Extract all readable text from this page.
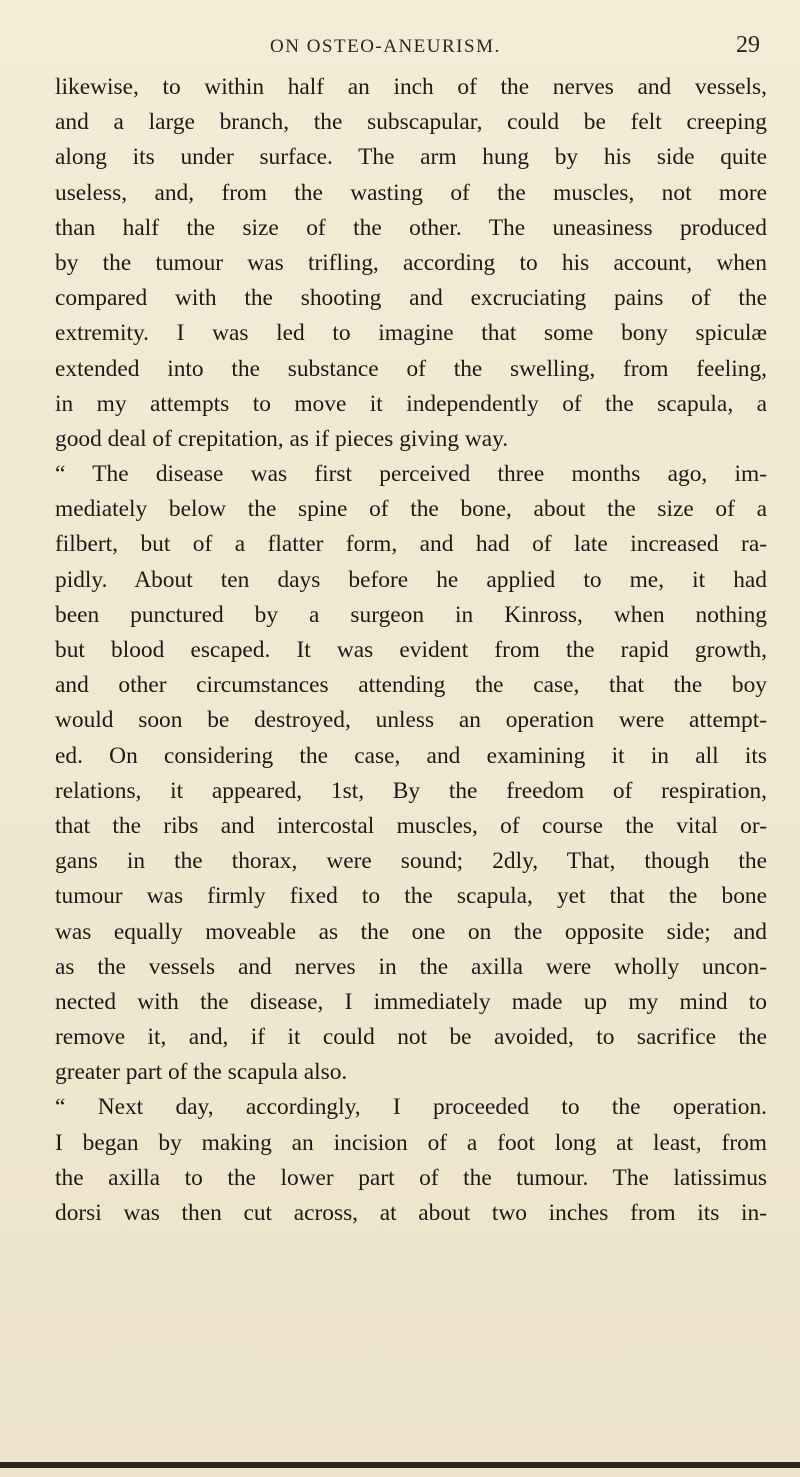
ON OSTEO-ANEURISM.	29
likewise, to within half an inch of the nerves and vessels,
and a large branch, the subscapular, could be felt creeping
along its under surface. The arm hung by his side quite
useless, and, from the wasting of the muscles, not more
than half the size of the other. The uneasiness produced
by the tumour was trifling, according to his account, when
compared with the shooting and excruciating pains of the
extremity. I was led to imagine that some bony spiculæ
extended into the substance of the swelling, from feeling,
in my attempts to move it independently of the scapula, a
good deal of crepitation, as if pieces giving way.
“ The disease was first perceived three months ago, im-
mediately below the spine of the bone, about the size of a
filbert, but of a flatter form, and had of late increased ra-
pidly. About ten days before he applied to me, it had
been punctured by a surgeon in Kinross, when nothing
but blood escaped. It was evident from the rapid growth,
and other circumstances attending the case, that the boy
would soon be destroyed, unless an operation were attempt-
ed. On considering the case, and examining it in all its
relations, it appeared, 1st, By the freedom of respiration,
that the ribs and intercostal muscles, of course the vital or-
gans in the thorax, were sound; 2dly, That, though the
tumour was firmly fixed to the scapula, yet that the bone
was equally moveable as the one on the opposite side; and
as the vessels and nerves in the axilla were wholly uncon-
nected with the disease, I immediately made up my mind to
remove it, and, if it could not be avoided, to sacrifice the
greater part of the scapula also.
“ Next day, accordingly, I proceeded to the operation.
I began by making an incision of a foot long at least, from
the axilla to the lower part of the tumour. The latissimus
dorsi was then cut across, at about two inches from its in-
